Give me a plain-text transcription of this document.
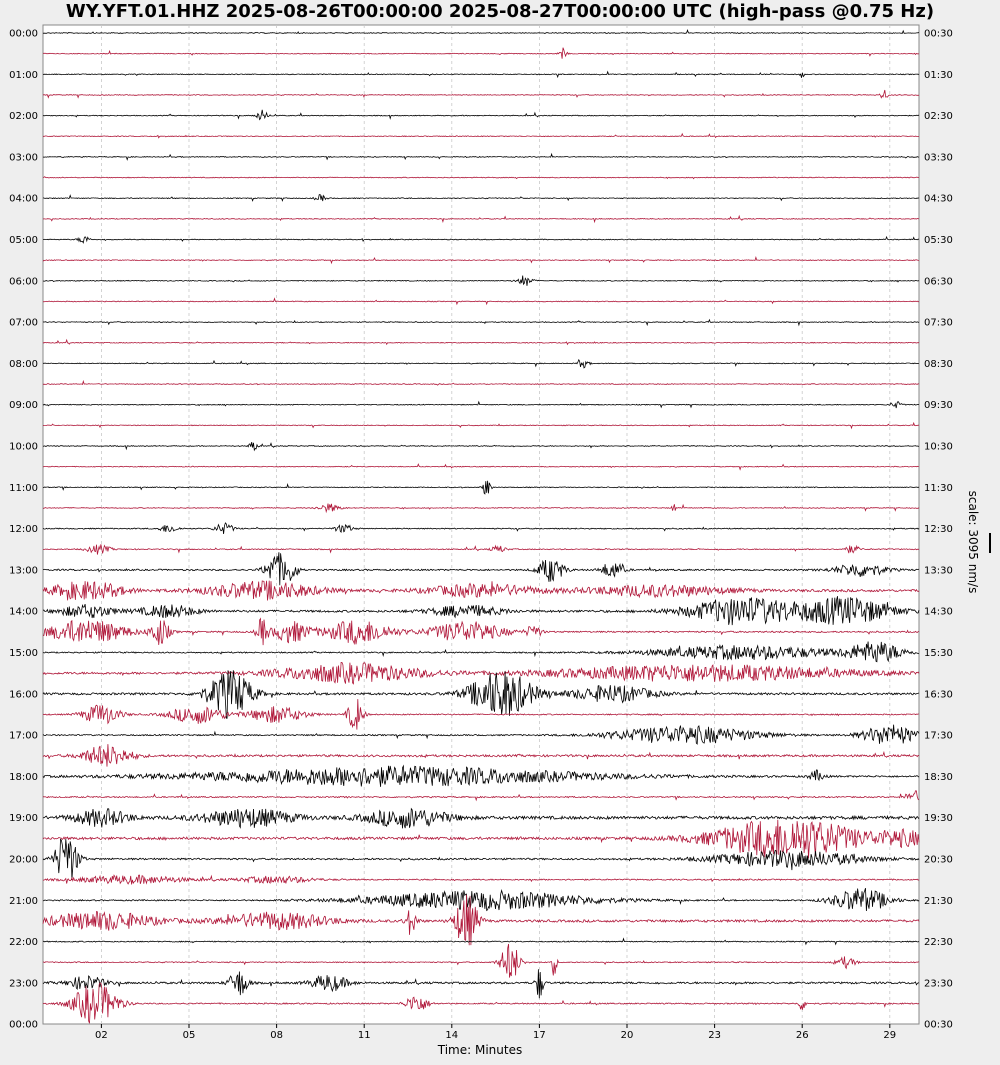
WY.YFT.01.HHZ 2025-08-26T00:00:00 2025-08-27T00:00:00 UTC (high-pass @0.75 Hz)
02	05	08	11	14	17	20	23	26	29
00:00
01:00
02:00
03:00
04:00
05:00
06:00
07:00
08:00
09:00
10:00
11:00
12:00
13:00
14:00
15:00
16:00
17:00
18:00
19:00
20:00
21:00
22:00
23:00
00:00
00:30
01:30
02:30
03:30
04:30
05:30
06:30
07:30
08:30
09:30
10:30
11:30
12:30
13:30
14:30
15:30
16:30
17:30
18:30
19:30
20:30
21:30
22:30
23:30
00:30
Time: Minutes
scale: 3095 nm/s
